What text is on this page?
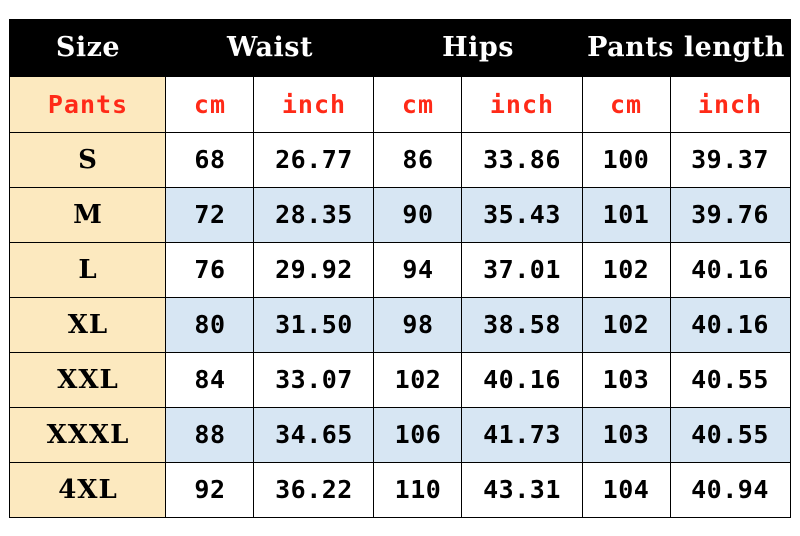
Size	Waist		Hips		Pants length	
Pants	cm	inch	cm	inch	cm	inch
S	68	26.77	86	33.86	100	39.37
M	72	28.35	90	35.43	101	39.76
L	76	29.92	94	37.01	102	40.16
XL	80	31.50	98	38.58	102	40.16
XXL	84	33.07	102	40.16	103	40.55
XXXL	88	34.65	106	41.73	103	40.55
4XL	92	36.22	110	43.31	104	40.94
